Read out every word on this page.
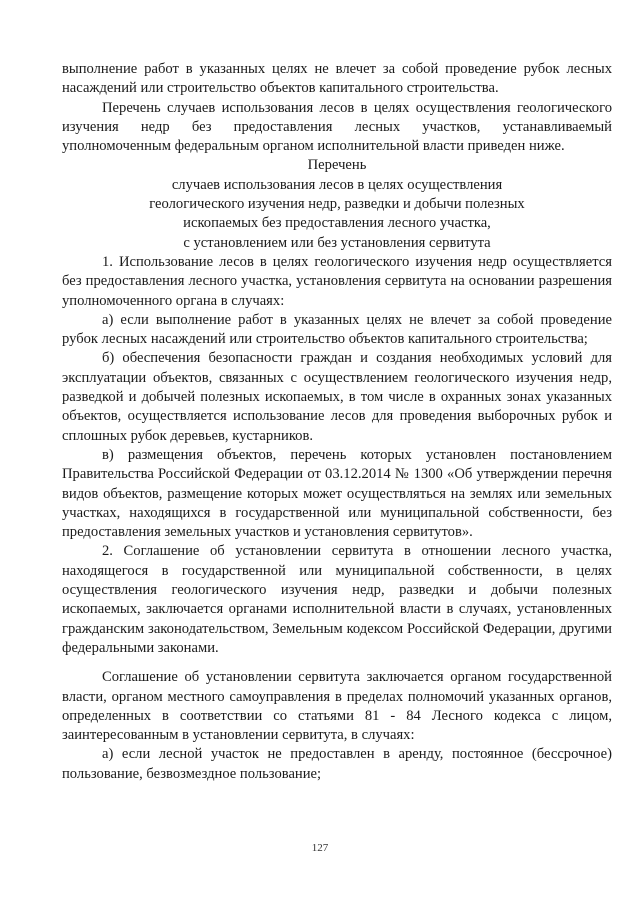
выполнение работ в указанных целях не влечет за собой проведение рубок лесных насаждений или строительство объектов капитального строительства.

Перечень случаев использования лесов в целях осуществления геологического изучения недр без предоставления лесных участков, устанавливаемый уполномоченным федеральным органом исполнительной власти приведен ниже.

Перечень

случаев использования лесов в целях осуществления

геологического изучения недр, разведки и добычи полезных

ископаемых без предоставления лесного участка,

с установлением или без установления сервитута

1. Использование лесов в целях геологического изучения недр осуществляется без предоставления лесного участка, установления сервитута на основании разрешения уполномоченного органа в случаях:

а) если выполнение работ в указанных целях не влечет за собой проведение рубок лесных насаждений или строительство объектов капитального строительства;

б) обеспечения безопасности граждан и создания необходимых условий для эксплуатации объектов, связанных с осуществлением геологического изучения недр, разведкой и добычей полезных ископаемых, в том числе в охранных зонах указанных объектов, осуществляется использование лесов для проведения выборочных рубок и сплошных рубок деревьев, кустарников.

в) размещения объектов, перечень которых установлен постановлением Правительства Российской Федерации от 03.12.2014 № 1300 «Об утверждении перечня видов объектов, размещение которых может осуществляться на землях или земельных участках, находящихся в государственной или муниципальной собственности, без предоставления земельных участков и установления сервитутов».

2. Соглашение об установлении сервитута в отношении лесного участка, находящегося в государственной или муниципальной собственности, в целях осуществления геологического изучения недр, разведки и добычи полезных ископаемых, заключается органами исполнительной власти в случаях, установленных гражданским законодательством, Земельным кодексом Российской Федерации, другими федеральными законами.

Соглашение об установлении сервитута заключается органом государственной власти, органом местного самоуправления в пределах полномочий указанных органов, определенных в соответствии со статьями 81 - 84 Лесного кодекса с лицом, заинтересованным в установлении сервитута, в случаях:

а) если лесной участок не предоставлен в аренду, постоянное (бессрочное) пользование, безвозмездное пользование;

127
